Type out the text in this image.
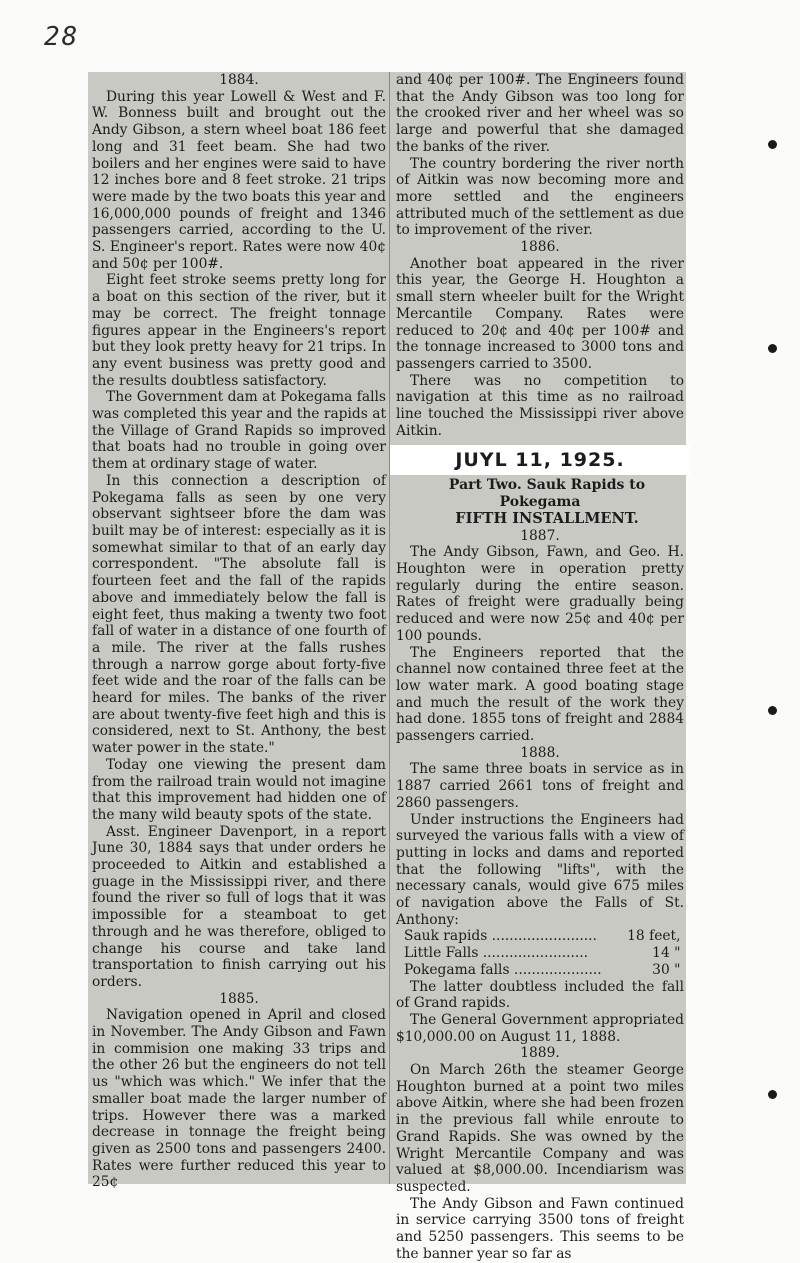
28

1884.

During this year Lowell & West and F. W. Bonness built and brought out the Andy Gibson, a stern wheel boat 186 feet long and 31 feet beam. She had two boilers and her engines were said to have 12 inches bore and 8 feet stroke. 21 trips were made by the two boats this year and 16,000,000 pounds of freight and 1346 passengers carried, according to the U. S. Engineer's report. Rates were now 40¢ and 50¢ per 100#.

Eight feet stroke seems pretty long for a boat on this section of the river, but it may be correct. The freight tonnage figures appear in the Engineers's report but they look pretty heavy for 21 trips. In any event business was pretty good and the results doubtless satisfactory.

The Government dam at Pokegama falls was completed this year and the rapids at the Village of Grand Rapids so improved that boats had no trouble in going over them at ordinary stage of water.

In this connection a description of Pokegama falls as seen by one very observant sightseer bfore the dam was built may be of interest: especially as it is somewhat similar to that of an early day correspondent. "The absolute fall is fourteen feet and the fall of the rapids above and immediately below the fall is eight feet, thus making a twenty two foot fall of water in a distance of one fourth of a mile. The river at the falls rushes through a narrow gorge about forty-five feet wide and the roar of the falls can be heard for miles. The banks of the river are about twenty-five feet high and this is considered, next to St. Anthony, the best water power in the state."

Today one viewing the present dam from the railroad train would not imagine that this improvement had hidden one of the many wild beauty spots of the state.

Asst. Engineer Davenport, in a report June 30, 1884 says that under orders he proceeded to Aitkin and established a guage in the Mississippi river, and there found the river so full of logs that it was impossible for a steamboat to get through and he was therefore, obliged to change his course and take land transportation to finish carrying out his orders.

1885.

Navigation opened in April and closed in November. The Andy Gibson and Fawn in commision one making 33 trips and the other 26 but the engineers do not tell us "which was which." We infer that the smaller boat made the larger number of trips. However there was a marked decrease in tonnage the freight being given as 2500 tons and passengers 2400. Rates were further reduced this year to 25¢

and 40¢ per 100#. The Engineers found that the Andy Gibson was too long for the crooked river and her wheel was so large and powerful that she damaged the banks of the river.

The country bordering the river north of Aitkin was now becoming more and more settled and the engineers attributed much of the settlement as due to improvement of the river.

1886.

Another boat appeared in the river this year, the George H. Houghton a small stern wheeler built for the Wright Mercantile Company. Rates were reduced to 20¢ and 40¢ per 100# and the tonnage increased to 3000 tons and passengers carried to 3500.

There was no competition to navigation at this time as no railroad line touched the Mississippi river above Aitkin.

JUYL 11, 1925.

Part Two. Sauk Rapids to Pokegama

FIFTH INSTALLMENT.

1887.

The Andy Gibson, Fawn, and Geo. H. Houghton were in operation pretty regularly during the entire season. Rates of freight were gradually being reduced and were now 25¢ and 40¢ per 100 pounds.

The Engineers reported that the channel now contained three feet at the low water mark. A good boating stage and much the result of the work they had done. 1855 tons of freight and 2884 passengers carried.

1888.

The same three boats in service as in 1887 carried 2661 tons of freight and 2860 passengers.

Under instructions the Engineers had surveyed the various falls with a view of putting in locks and dams and reported that the following "lifts", with the necessary canals, would give 675 miles of navigation above the Falls of St. Anthony:

Sauk rapids ........................	18 feet,
Little Falls ........................	14 "
Pokegama falls ....................	30 "

The latter doubtless included the fall of Grand rapids.

The General Government appropriated $10,000.00 on August 11, 1888.

1889.

On March 26th the steamer George Houghton burned at a point two miles above Aitkin, where she had been frozen in the previous fall while enroute to Grand Rapids. She was owned by the Wright Mercantile Company and was valued at $8,000.00. Incendiarism was suspected.

The Andy Gibson and Fawn continued in service carrying 3500 tons of freight and 5250 passengers. This seems to be the banner year so far as
